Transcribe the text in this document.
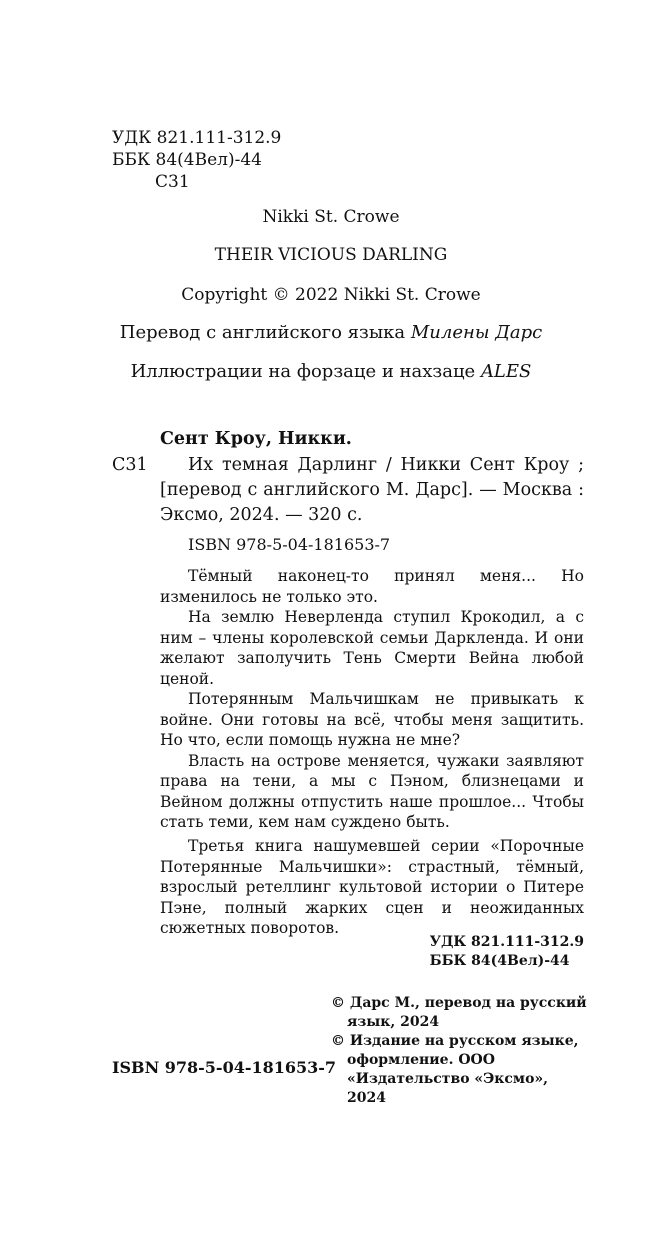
УДК 821.111-312.9
ББК 84(4Вел)-44
С31
Nikki St. Crowe
THEIR VICIOUS DARLING
Copyright © 2022 Nikki St. Crowe
Перевод с английского языка Милены Дарс
Иллюстрации на форзаце и нахзаце ALES
Сент Кроу, Никки.
С31	Их темная Дарлинг / Никки Сент Кроу ; [перевод с английского М. Дарс]. — Москва : Эксмо, 2024. — 320 с.
ISBN 978-5-04-181653-7

Тёмный наконец-то принял меня... Но изменилось не только это.

На землю Неверленда ступил Крокодил, а с ним – члены королевской семьи Даркленда. И они желают заполучить Тень Смерти Вейна любой ценой.

Потерянным Мальчишкам не привыкать к войне. Они готовы на всё, чтобы меня защитить. Но что, если помощь нужна не мне?

Власть на острове меняется, чужаки заявляют права на тени, а мы с Пэном, близнецами и Вейном должны отпустить наше прошлое... Чтобы стать теми, кем нам суждено быть.

Третья книга нашумевшей серии «Порочные Потерянные Мальчишки»: страстный, тёмный, взрослый ретеллинг культовой истории о Питере Пэне, полный жарких сцен и неожиданных сюжетных поворотов.

УДК 821.111-312.9
ББК 84(4Вел)-44
© Дарс М., перевод на русский язык, 2024
© Издание на русском языке, оформление. ООО «Издательство «Эксмо», 2024
ISBN 978-5-04-181653-7
